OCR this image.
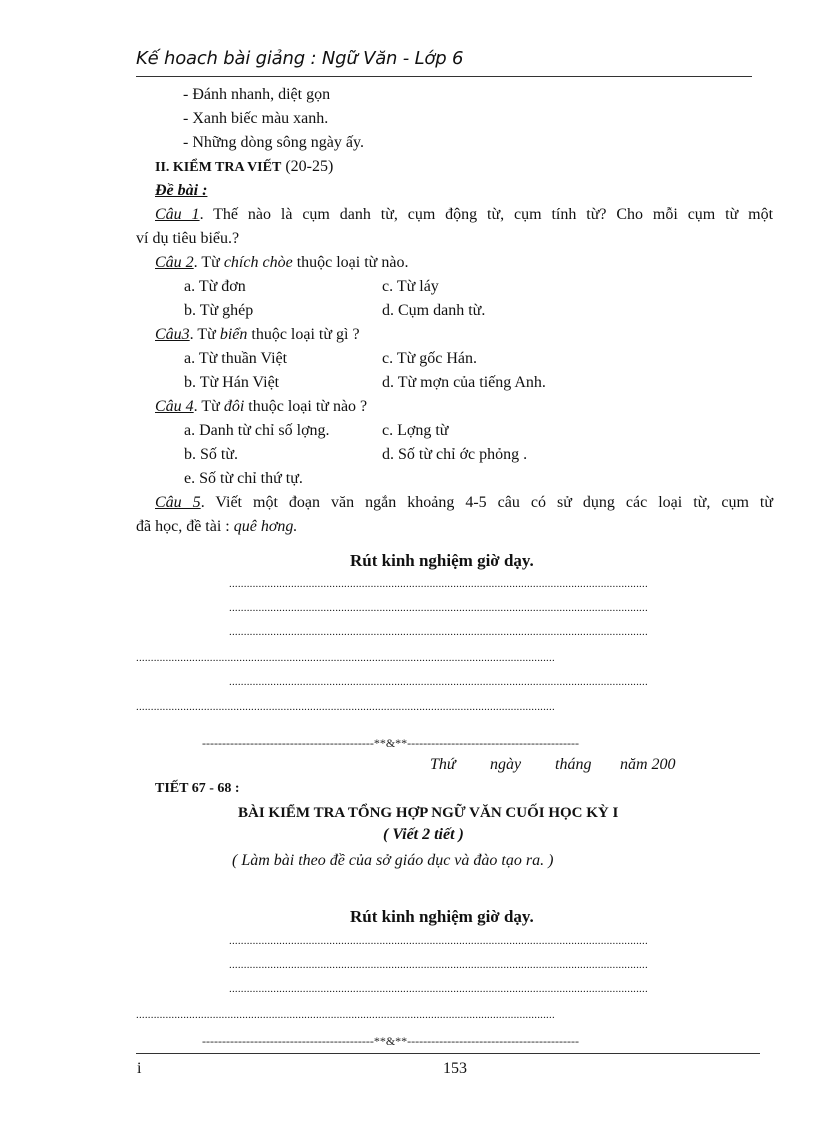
Kế hoach bài giảng : Ngữ Văn - Lớp 6
- Đánh nhanh, diệt gọn
- Xanh biếc màu xanh.
- Những dòng sông ngày ấy.
II. KIỂM TRA VIẾT (20-25)
Đề bài :
Câu 1. Thế nào là cụm danh từ, cụm động từ, cụm tính từ? Cho mỗi cụm từ một
ví dụ tiêu biểu.?
Câu 2. Từ chích chòe thuộc loại từ nào.
a. Từ đơn	c. Từ láy
b. Từ ghép	d. Cụm danh từ.
Câu3. Từ biển thuộc loại từ gì ?
a. Từ thuần Việt	c. Từ gốc Hán.
b. Từ Hán Việt	d. Từ mợn của tiếng Anh.
Câu 4. Từ đôi thuộc loại từ nào ?
a. Danh từ chỉ số lợng.	c. Lợng từ
b. Số từ.	d. Số từ chỉ ớc phỏng .
e. Số từ chỉ thứ tự.
Câu 5. Viết một đoạn văn ngắn khoảng 4-5 câu có sử dụng các loại từ, cụm từ
đã học, đề tài : quê hơng.
Rút kinh nghiệm giờ dạy.
..............................................................................................................................................
..............................................................................................................................................
..............................................................................................................................................
..............................................................................................................................................
..............................................................................................................................................
..............................................................................................................................................
-------------------------------------------**&**-------------------------------------------
Thứ ngày tháng năm 200
TIẾT 67 - 68 :
BÀI KIỂM TRA TỔNG HỢP NGỮ VĂN CUỐI HỌC KỲ I
( Viết 2 tiết )
( Làm bài theo đề của sở giáo dục và đào tạo ra. )
Rút kinh nghiệm giờ dạy.
..............................................................................................................................................
..............................................................................................................................................
..............................................................................................................................................
..............................................................................................................................................
-------------------------------------------**&**-------------------------------------------
i	153
